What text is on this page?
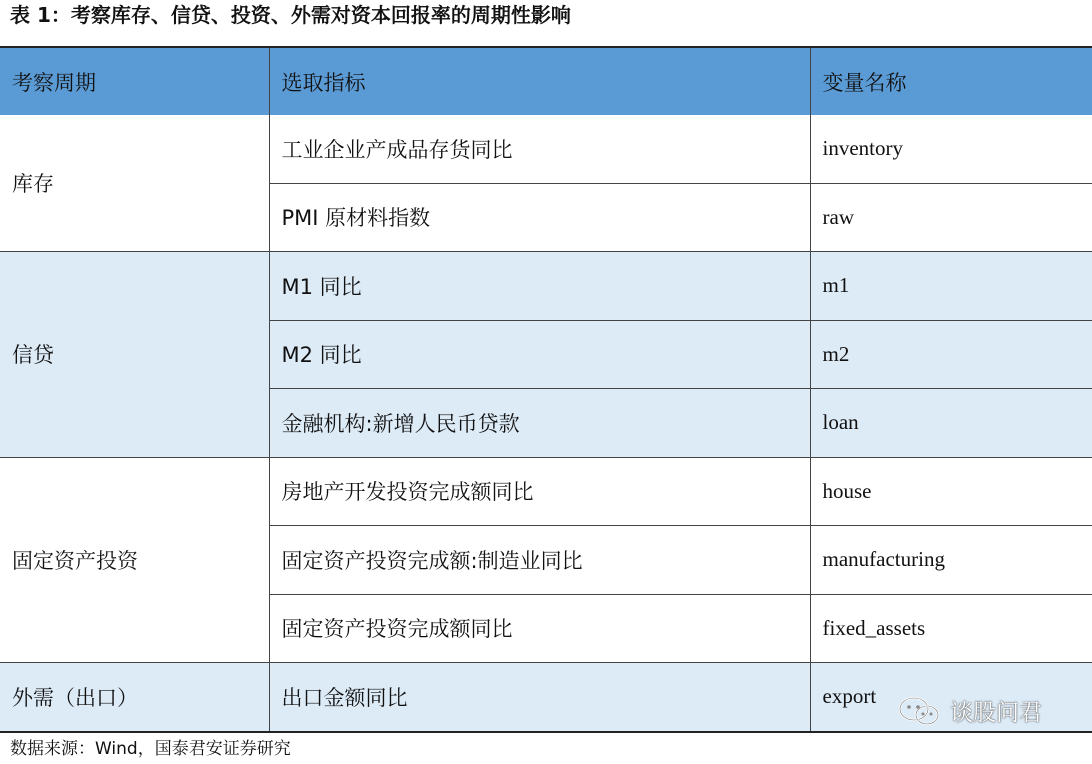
表 1：考察库存、信贷、投资、外需对资本回报率的周期性影响
考察周期	选取指标	变量名称
库存	工业企业产成品存货同比	inventory
	PMI 原材料指数	raw
信贷	M1 同比	m1
	M2 同比	m2
	金融机构:新增人民币贷款	loan
固定资产投资	房地产开发投资完成额同比	house
	固定资产投资完成额:制造业同比	manufacturing
	固定资产投资完成额同比	fixed_assets
外需（出口）	出口金额同比	export
数据来源：Wind，国泰君安证券研究
谈股问君
